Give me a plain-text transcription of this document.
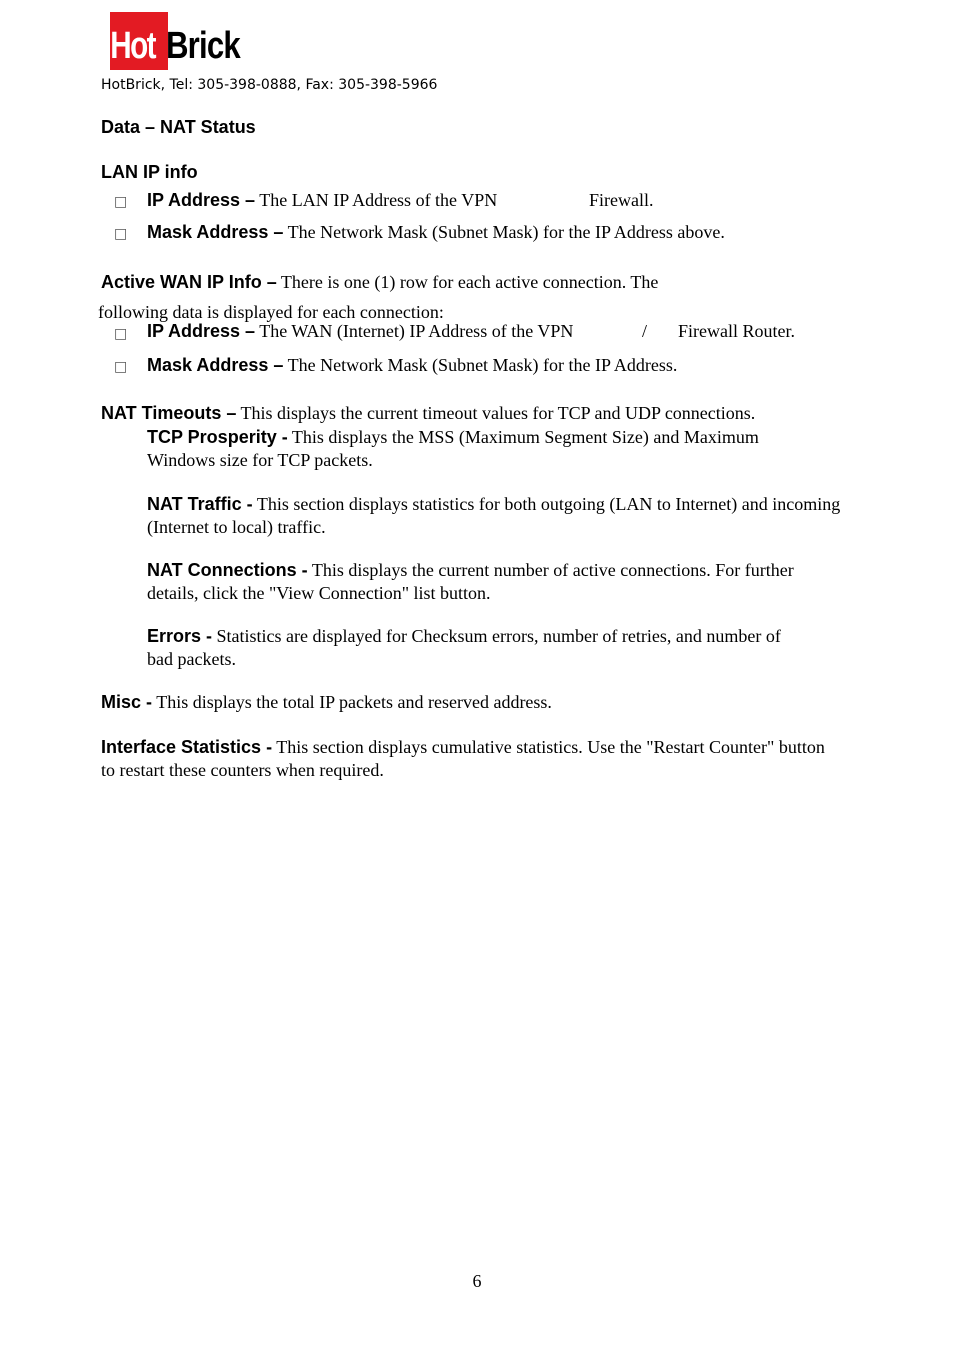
Hot Brick
HotBrick, Tel: 305-398-0888, Fax: 305-398-5966
Data – NAT Status
LAN IP info
□ IP Address – The LAN IP Address of the VPN	Firewall.
□ Mask Address – The Network Mask (Subnet Mask) for the IP Address above.
Active WAN IP Info – There is one (1) row for each active connection. The
following data is displayed for each connection:
□ IP Address – The WAN (Internet) IP Address of the VPN	/ Firewall Router.
□ Mask Address – The Network Mask (Subnet Mask) for the IP Address.
NAT Timeouts – This displays the current timeout values for TCP and UDP connections.
TCP Prosperity - This displays the MSS (Maximum Segment Size) and Maximum
Windows size for TCP packets.
NAT Traffic - This section displays statistics for both outgoing (LAN to Internet) and incoming
(Internet to local) traffic.
NAT Connections - This displays the current number of active connections. For further
details, click the "View Connection" list button.
Errors - Statistics are displayed for Checksum errors, number of retries, and number of
bad packets.
Misc - This displays the total IP packets and reserved address.
Interface Statistics - This section displays cumulative statistics. Use the "Restart Counter" button
to restart these counters when required.
6
